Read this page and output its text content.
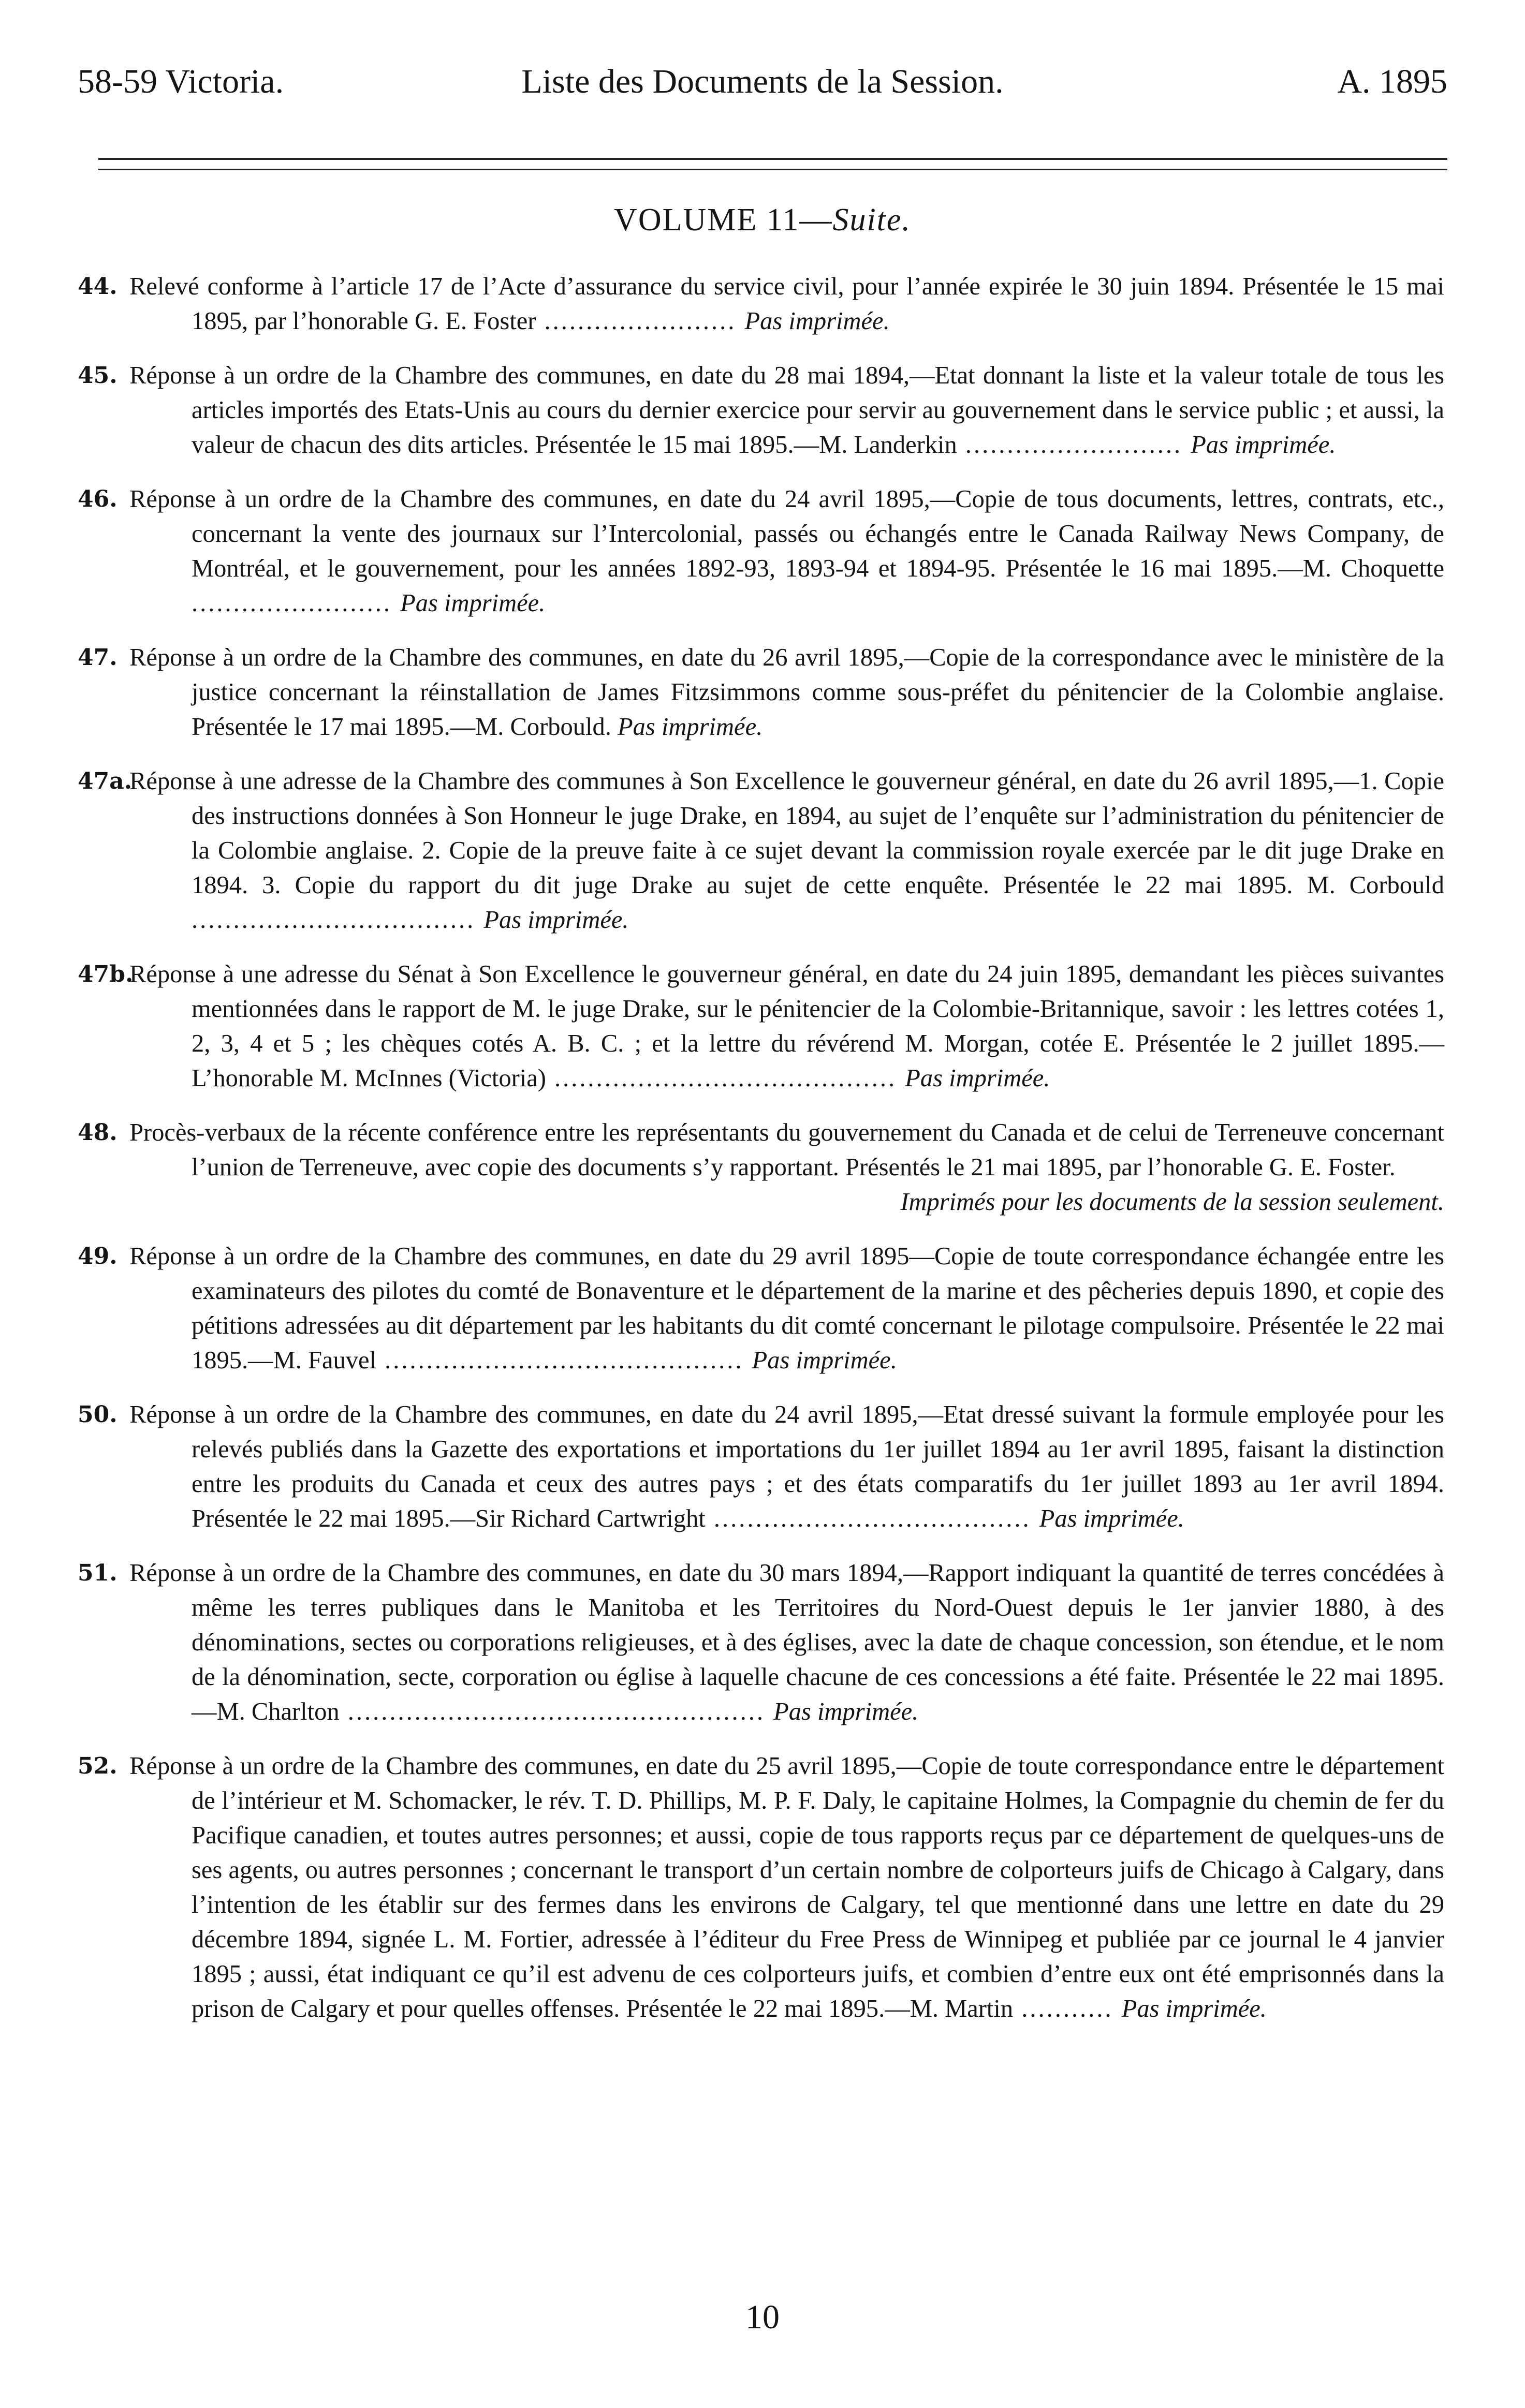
58-59 Victoria.	Liste des Documents de la Session.	A. 1895
VOLUME 11—Suite.
44. Relevé conforme à l’article 17 de l’Acte d’assurance du service civil, pour l’année expirée le 30 juin 1894. Présentée le 15 mai 1895, par l’honorable G. E. Foster ....................... Pas imprimée.
45. Réponse à un ordre de la Chambre des communes, en date du 28 mai 1894,—Etat donnant la liste et la valeur totale de tous les articles importés des Etats-Unis au cours du dernier exercice pour servir au gouvernement dans le service public ; et aussi, la valeur de chacun des dits articles. Présentée le 15 mai 1895.—M. Landerkin .......................... Pas imprimée.
46. Réponse à un ordre de la Chambre des communes, en date du 24 avril 1895,—Copie de tous documents, lettres, contrats, etc., concernant la vente des journaux sur l’Intercolonial, passés ou échangés entre le Canada Railway News Company, de Montréal, et le gouvernement, pour les années 1892-93, 1893-94 et 1894-95. Présentée le 16 mai 1895.—M. Choquette ........................ Pas imprimée.
47. Réponse à un ordre de la Chambre des communes, en date du 26 avril 1895,—Copie de la correspondance avec le ministère de la justice concernant la réinstallation de James Fitzsimmons comme sous-préfet du pénitencier de la Colombie anglaise. Présentée le 17 mai 1895.—M. Corbould. Pas imprimée.
47a.
Réponse à une adresse de la Chambre des communes à Son Excellence le gouverneur général, en date du 26 avril 1895,—1. Copie des instructions données à Son Honneur le juge Drake, en 1894, au sujet de l’enquête sur l’administration du pénitencier de la Colombie anglaise. 2. Copie de la preuve faite à ce sujet devant la commission royale exercée par le dit juge Drake en 1894. 3. Copie du rapport du dit juge Drake au sujet de cette enquête. Présentée le 22 mai 1895. M. Corbould .................................. Pas imprimée.
47b.
Réponse à une adresse du Sénat à Son Excellence le gouverneur général, en date du 24 juin 1895, demandant les pièces suivantes mentionnées dans le rapport de M. le juge Drake, sur le pénitencier de la Colombie-Britannique, savoir : les lettres cotées 1, 2, 3, 4 et 5 ; les chèques cotés A. B. C. ; et la lettre du révérend M. Morgan, cotée E. Présentée le 2 juillet 1895.—L’honorable M. McInnes (Victoria) ......................................... Pas imprimée.
48. Procès-verbaux de la récente conférence entre les représentants du gouvernement du Canada et de celui de Terreneuve concernant l’union de Terreneuve, avec copie des documents s’y rapportant. Présentés le 21 mai 1895, par l’honorable G. E. Foster.
Imprimés pour les documents de la session seulement.
49. Réponse à un ordre de la Chambre des communes, en date du 29 avril 1895—Copie de toute correspondance échangée entre les examinateurs des pilotes du comté de Bonaventure et le département de la marine et des pêcheries depuis 1890, et copie des pétitions adressées au dit département par les habitants du dit comté concernant le pilotage compulsoire. Présentée le 22 mai 1895.—M. Fauvel ........................................... Pas imprimée.
50. Réponse à un ordre de la Chambre des communes, en date du 24 avril 1895,—Etat dressé suivant la formule employée pour les relevés publiés dans la Gazette des exportations et importations du 1er juillet 1894 au 1er avril 1895, faisant la distinction entre les produits du Canada et ceux des autres pays ; et des états comparatifs du 1er juillet 1893 au 1er avril 1894. Présentée le 22 mai 1895.—Sir Richard Cartwright ...................................... Pas imprimée.
51. Réponse à un ordre de la Chambre des communes, en date du 30 mars 1894,—Rapport indiquant la quantité de terres concédées à même les terres publiques dans le Manitoba et les Territoires du Nord-Ouest depuis le 1er janvier 1880, à des dénominations, sectes ou corporations religieuses, et à des églises, avec la date de chaque concession, son étendue, et le nom de la dénomination, secte, corporation ou église à laquelle chacune de ces concessions a été faite. Présentée le 22 mai 1895.—M. Charlton .................................................. Pas imprimée.
52. Réponse à un ordre de la Chambre des communes, en date du 25 avril 1895,—Copie de toute correspondance entre le département de l’intérieur et M. Schomacker, le rév. T. D. Phillips, M. P. F. Daly, le capitaine Holmes, la Compagnie du chemin de fer du Pacifique canadien, et toutes autres personnes; et aussi, copie de tous rapports reçus par ce département de quelques-uns de ses agents, ou autres personnes ; concernant le transport d’un certain nombre de colporteurs juifs de Chicago à Calgary, dans l’intention de les établir sur des fermes dans les environs de Calgary, tel que mentionné dans une lettre en date du 29 décembre 1894, signée L. M. Fortier, adressée à l’éditeur du Free Press de Winnipeg et publiée par ce journal le 4 janvier 1895 ; aussi, état indiquant ce qu’il est advenu de ces colporteurs juifs, et combien d’entre eux ont été emprisonnés dans la prison de Calgary et pour quelles offenses. Présentée le 22 mai 1895.—M. Martin ........... Pas imprimée.
10
